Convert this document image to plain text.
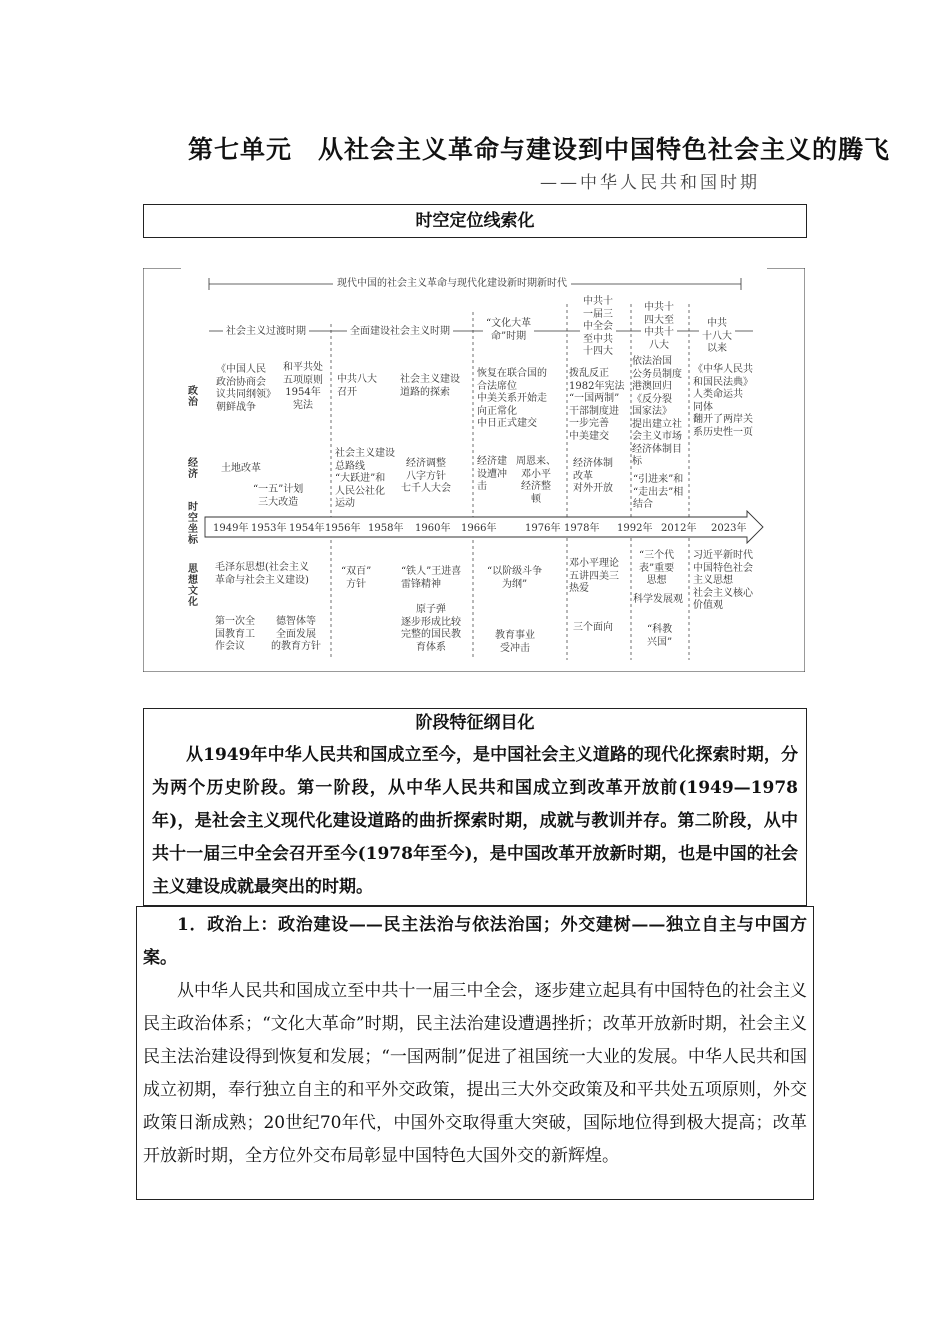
第七单元　从社会主义革命与建设到中国特色社会主义的腾飞
——中华人民共和国时期
时空定位线索化
现代中国的社会主义革命与现代化建设新时期新时代
社会主义过渡时期	全面建设社会主义时期
“文化大革
命”时期
中共十
一届三
中全会
至中共
十四大
中共十
四大至
中共十
八大
中共
十八大
以来
政治
经济
时空坐标
思想文化
《中国人民
政治协商会
议共同纲领》
朝鲜战争
和平共处
五项原则
1954年
宪法
中共八大
召开
社会主义建设
道路的探索
恢复在联合国的
合法席位
中美关系开始走
向正常化
中日正式建交
拨乱反正
1982年宪法
“一国两制”
干部制度进
一步完善
中美建交
依法治国
公务员制度
港澳回归
《反分裂
国家法》
提出建立社
会主义市场
经济体制目
标
《中华人民共
和国民法典》
人类命运共
同体
翻开了两岸关
系历史性一页
土地改革
“一五”计划
三大改造
社会主义建设
总路线
“大跃进”和
人民公社化
运动
经济调整
八字方针
七千人大会
经济建
设遭冲
击
周恩来、
邓小平
经济整
顿
经济体制
改革
对外开放
“引进来”和
“走出去”相
结合
1949年 1953年 1954年 1956年 1958年 1960年 1966年	1976年 1978年 1992年 2012年 2023年
毛泽东思想(社会主义
革命与社会主义建设)
第一次全
国教育工
作会议
德智体等
全面发展
的教育方针
“双百”
方针
“铁人”王进喜
雷锋精神
原子弹
逐步形成比较
完整的国民教
育体系
“以阶级斗争
为纲”
教育事业
受冲击
邓小平理论
五讲四美三
热爱
三个面向
“三个代
表”重要
思想
科学发展观
“科教
兴国”
习近平新时代
中国特色社会
主义思想
社会主义核心
价值观
阶段特征纲目化

从1949年中华人民共和国成立至今，是中国社会主义道路的现代化探索时期，分为两个历史阶段。第一阶段，从中华人民共和国成立到改革开放前(1949—1978年)，是社会主义现代化建设道路的曲折探索时期，成就与教训并存。第二阶段，从中共十一届三中全会召开至今(1978年至今)，是中国改革开放新时期，也是中国的社会主义建设成就最突出的时期。

1．政治上：政治建设——民主法治与依法治国；外交建树——独立自主与中国方案。

从中华人民共和国成立至中共十一届三中全会，逐步建立起具有中国特色的社会主义民主政治体系；“文化大革命”时期，民主法治建设遭遇挫折；改革开放新时期，社会主义民主法治建设得到恢复和发展；“一国两制”促进了祖国统一大业的发展。中华人民共和国成立初期，奉行独立自主的和平外交政策，提出三大外交政策及和平共处五项原则，外交政策日渐成熟；20世纪70年代，中国外交取得重大突破，国际地位得到极大提高；改革开放新时期，全方位外交布局彰显中国特色大国外交的新辉煌。
